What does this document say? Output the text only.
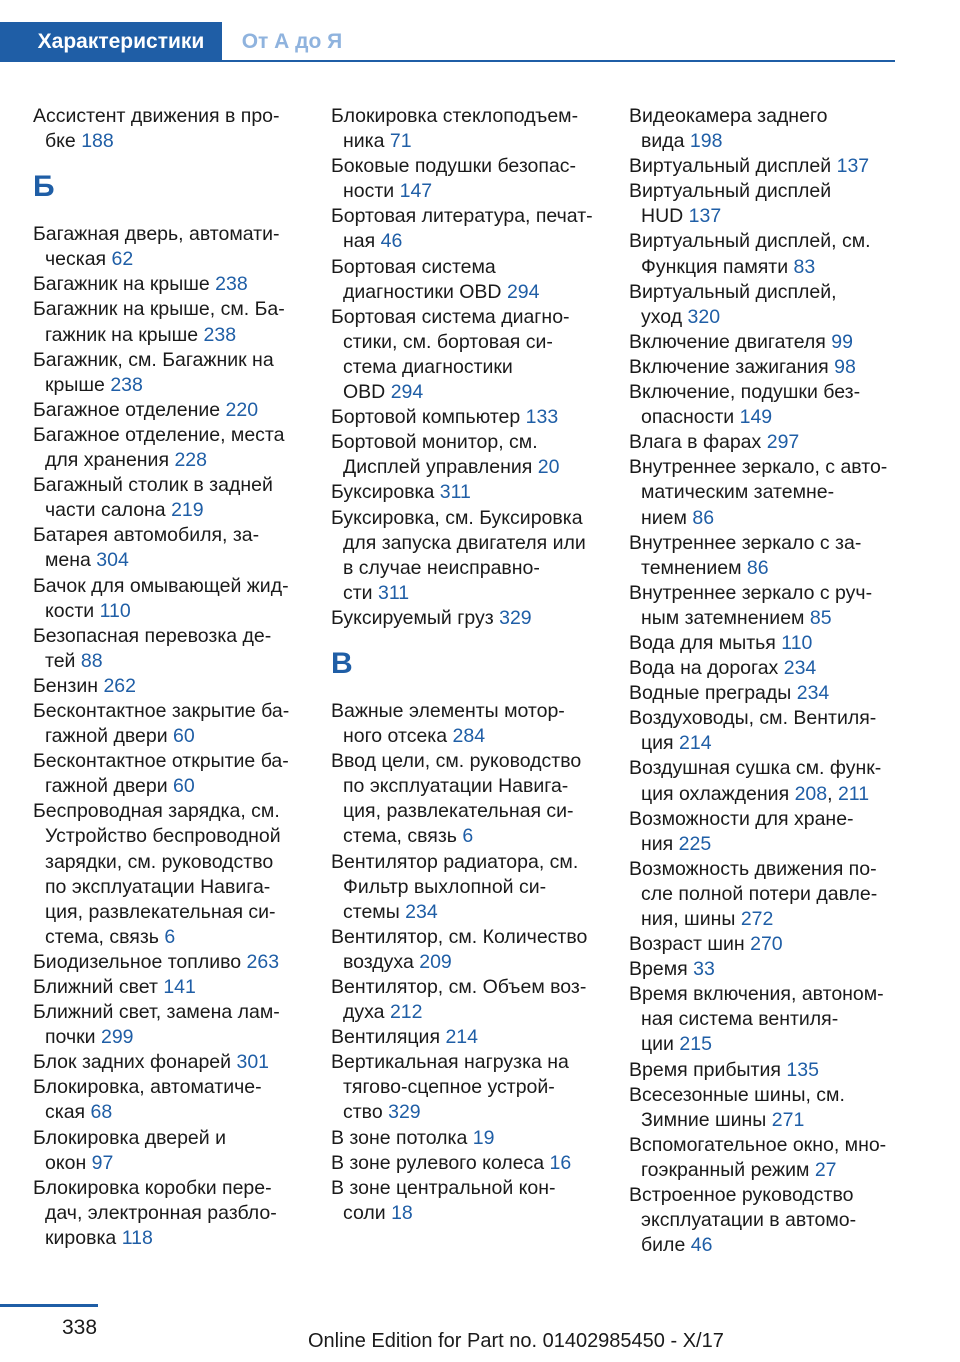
Характеристики	От А до Я
Ассистент движения в про-
бке 188
Б
Багажная дверь, автомати-
ческая 62
Багажник на крыше 238
Багажник на крыше, см. Ба-
гажник на крыше 238
Багажник, см. Багажник на
крыше 238
Багажное отделение 220
Багажное отделение, места
для хранения 228
Багажный столик в задней
части салона 219
Батарея автомобиля, за-
мена 304
Бачок для омывающей жид-
кости 110
Безопасная перевозка де-
тей 88
Бензин 262
Бесконтактное закрытие ба-
гажной двери 60
Бесконтактное открытие ба-
гажной двери 60
Беспроводная зарядка, см.
Устройство беспроводной
зарядки, см. руководство
по эксплуатации Навига-
ция, развлекательная си-
стема, связь 6
Биодизельное топливо 263
Ближний свет 141
Ближний свет, замена лам-
почки 299
Блок задних фонарей 301
Блокировка, автоматиче-
ская 68
Блокировка дверей и
окон 97
Блокировка коробки пере-
дач, электронная разбло-
кировка 118
Блокировка стеклоподъем-
ника 71
Боковые подушки безопас-
ности 147
Бортовая литература, печат-
ная 46
Бортовая система
диагностики OBD 294
Бортовая система диагно-
стики, см. бортовая си-
стема диагностики
OBD 294
Бортовой компьютер 133
Бортовой монитор, см.
Дисплей управления 20
Буксировка 311
Буксировка, см. Буксировка
для запуска двигателя или
в случае неисправно-
сти 311
Буксируемый груз 329
В
Важные элементы мотор-
ного отсека 284
Ввод цели, см. руководство
по эксплуатации Навига-
ция, развлекательная си-
стема, связь 6
Вентилятор радиатора, см.
Фильтр выхлопной си-
стемы 234
Вентилятор, см. Количество
воздуха 209
Вентилятор, см. Объем воз-
духа 212
Вентиляция 214
Вертикальная нагрузка на
тягово-сцепное устрой-
ство 329
В зоне потолка 19
В зоне рулевого колеса 16
В зоне центральной кон-
соли 18
Видеокамера заднего
вида 198
Виртуальный дисплей 137
Виртуальный дисплей
HUD 137
Виртуальный дисплей, см.
Функция памяти 83
Виртуальный дисплей,
уход 320
Включение двигателя 99
Включение зажигания 98
Включение, подушки без-
опасности 149
Влага в фарах 297
Внутреннее зеркало, с авто-
матическим затемне-
нием 86
Внутреннее зеркало с за-
темнением 86
Внутреннее зеркало с руч-
ным затемнением 85
Вода для мытья 110
Вода на дорогах 234
Водные преграды 234
Воздуховоды, см. Вентиля-
ция 214
Воздушная сушка см. функ-
ция охлаждения 208, 211
Возможности для хране-
ния 225
Возможность движения по-
сле полной потери давле-
ния, шины 272
Возраст шин 270
Время 33
Время включения, автоном-
ная система вентиля-
ции 215
Время прибытия 135
Всесезонные шины, см.
Зимние шины 271
Вспомогательное окно, мно-
гоэкранный режим 27
Встроенное руководство
эксплуатации в автомо-
биле 46
338
Online Edition for Part no. 01402985450 - X/17
